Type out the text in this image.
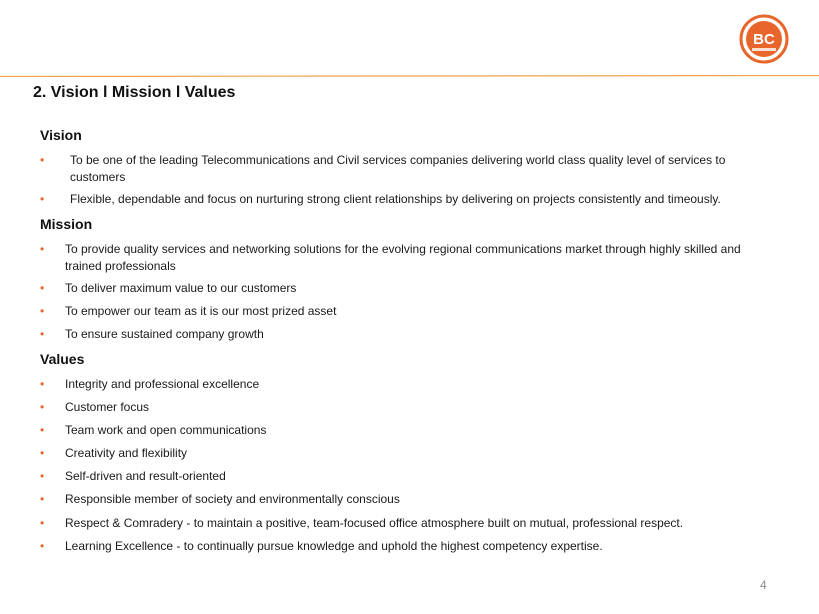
BC
2. Vision l Mission l Values
Vision
•	To be one of the leading Telecommunications and Civil services companies delivering world class quality level of services to customers
•	Flexible, dependable and focus on nurturing strong client relationships by delivering on projects consistently and timeously.
Mission
•	To provide quality services and networking solutions for the evolving regional communications market through highly skilled and trained professionals
•	To deliver maximum value to our customers
•	To empower our team as it is our most prized asset
•	To ensure sustained company growth
Values
•	Integrity and professional excellence
•	Customer focus
•	Team work and open communications
•	Creativity and flexibility
•	Self-driven and result-oriented
•	Responsible member of society and environmentally conscious
•	Respect & Comradery - to maintain a positive, team-focused office atmosphere built on mutual, professional respect.
•	Learning Excellence - to continually pursue knowledge and uphold the highest competency expertise.
4
